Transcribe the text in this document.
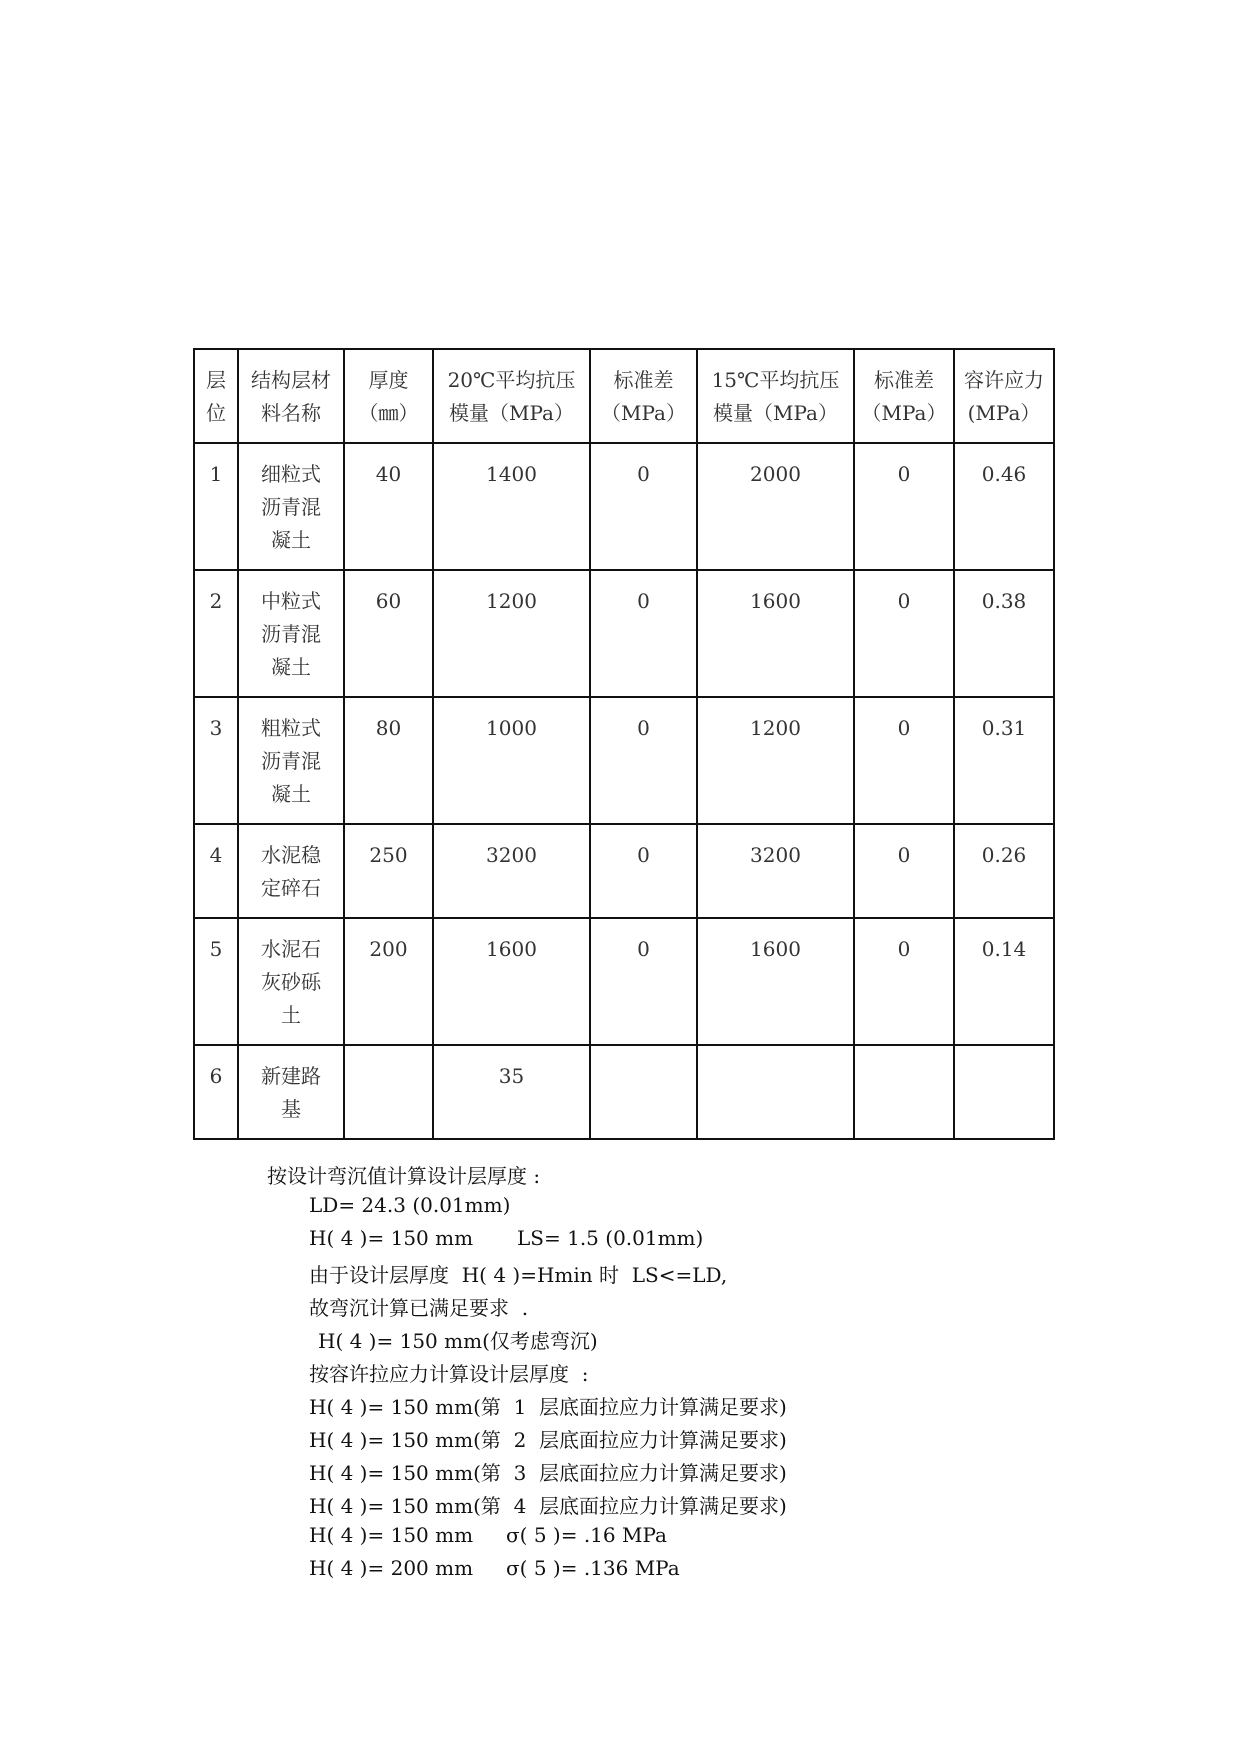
层位	结构层材料名称	厚度（㎜）	20℃平均抗压模量（MPa）	标准差（MPa）	15℃平均抗压模量（MPa）	标准差（MPa）	容许应力(MPa）
1	细粒式沥青混凝土	40	1400	0	2000	0	0.46
2	中粒式沥青混凝土	60	1200	0	1600	0	0.38
3	粗粒式沥青混凝土	80	1000	0	1200	0	0.31
4	水泥稳定碎石	250	3200	0	3200	0	0.26
5	水泥石灰砂砾土	200	1600	0	1600	0	0.14
6	新建路基		35				

按设计弯沉值计算设计层厚度 :

LD= 24.3 (0.01mm)

H( 4 )= 150 mm

LS= 1.5 (0.01mm)

由于设计层厚度  H( 4 )=Hmin 时  LS<=LD,

故弯沉计算已满足要求  .

H( 4 )= 150 mm(仅考虑弯沉)

按容许拉应力计算设计层厚度  :

H( 4 )= 150 mm(第  1  层底面拉应力计算满足要求)

H( 4 )= 150 mm(第  2  层底面拉应力计算满足要求)

H( 4 )= 150 mm(第  3  层底面拉应力计算满足要求)

H( 4 )= 150 mm(第  4  层底面拉应力计算满足要求)

H( 4 )= 150 mm

σ( 5 )= .16 MPa

H( 4 )= 200 mm

σ( 5 )= .136 MPa
